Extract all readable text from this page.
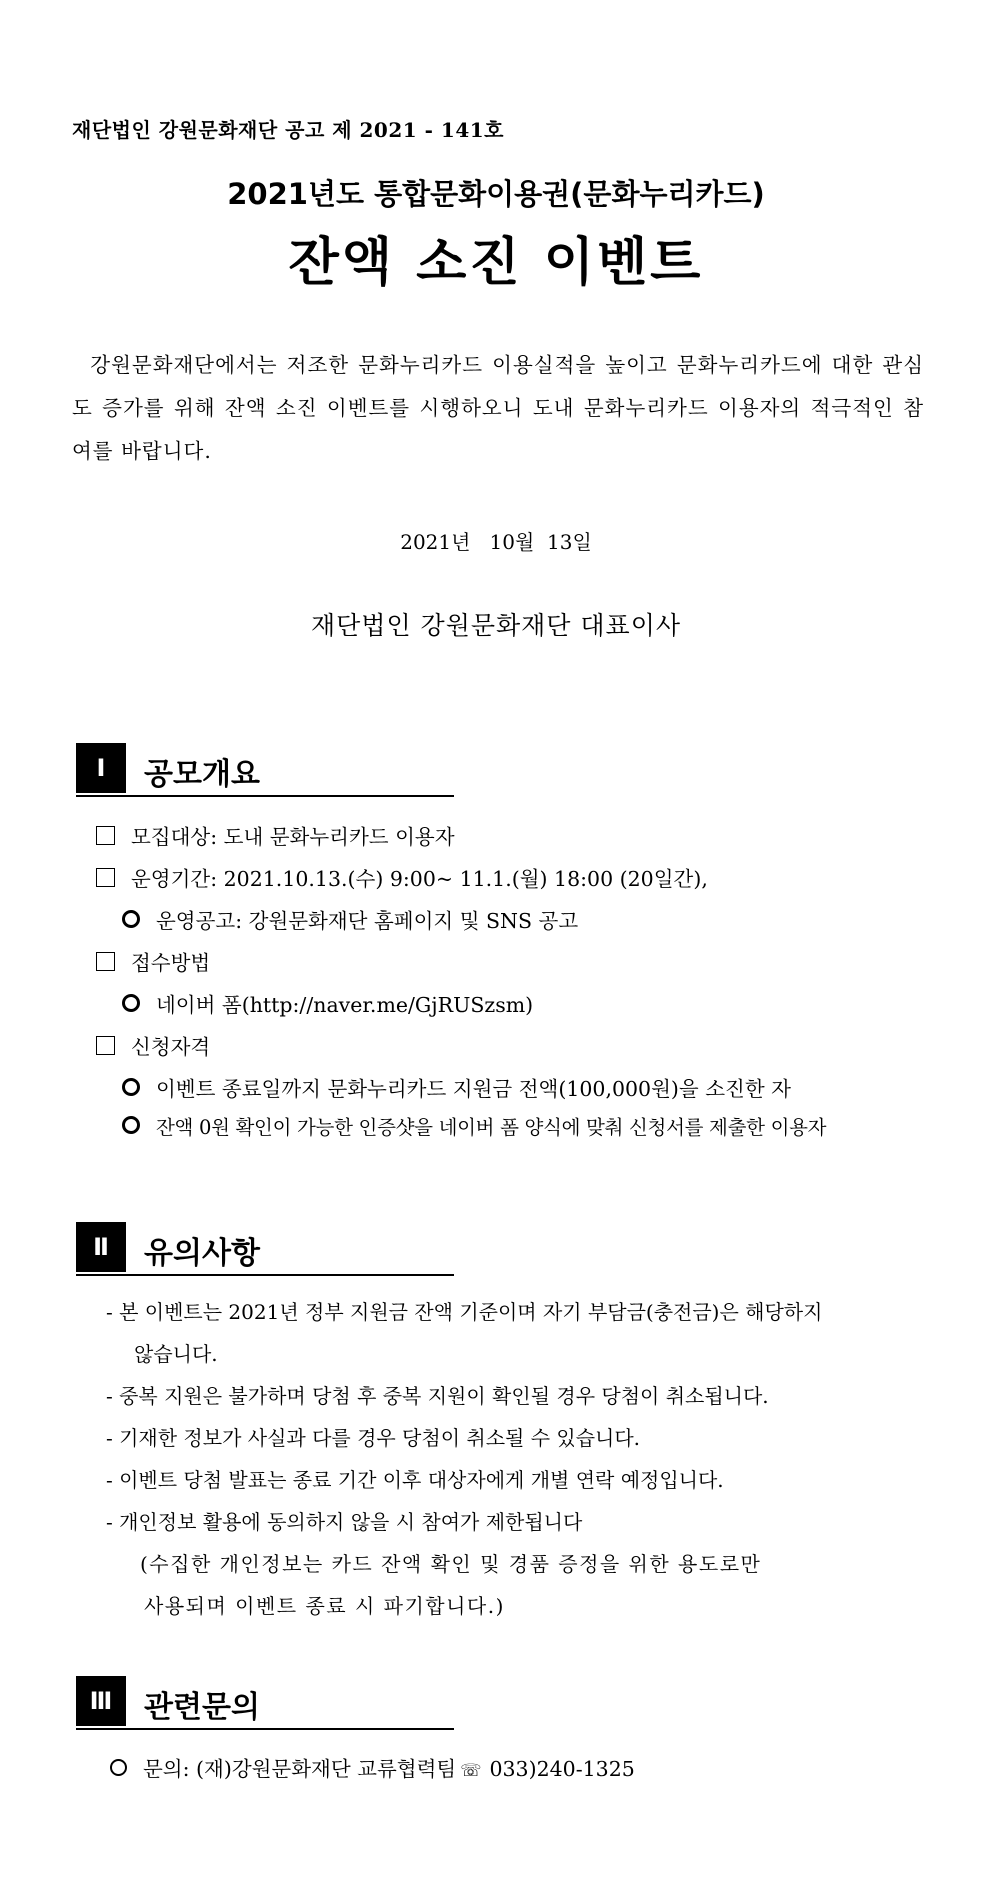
재단법인 강원문화재단 공고 제 2021 - 141호
2021년도 통합문화이용권(문화누리카드)
잔액 소진 이벤트
강원문화재단에서는 저조한 문화누리카드 이용실적을 높이고 문화누리카드에 대한 관심도 증가를 위해 잔액 소진 이벤트를 시행하오니 도내 문화누리카드 이용자의 적극적인 참여를 바랍니다.
2021년   10월  13일
재단법인 강원문화재단 대표이사
Ⅰ	공모개요
모집대상: 도내 문화누리카드 이용자
운영기간: 2021.10.13.(수) 9:00~ 11.1.(월) 18:00 (20일간),
운영공고: 강원문화재단 홈페이지 및 SNS 공고
접수방법
네이버 폼(http://naver.me/GjRUSzsm)
신청자격
이벤트 종료일까지 문화누리카드 지원금 전액(100,000원)을 소진한 자
잔액 0원 확인이 가능한 인증샷을 네이버 폼 양식에 맞춰 신청서를 제출한 이용자
Ⅱ	유의사항
- 본 이벤트는 2021년 정부 지원금 잔액 기준이며 자기 부담금(충전금)은 해당하지
않습니다.
- 중복 지원은 불가하며 당첨 후 중복 지원이 확인될 경우 당첨이 취소됩니다.
- 기재한 정보가 사실과 다를 경우 당첨이 취소될 수 있습니다.
- 이벤트 당첨 발표는 종료 기간 이후 대상자에게 개별 연락 예정입니다.
- 개인정보 활용에 동의하지 않을 시 참여가 제한됩니다
(수집한 개인정보는 카드 잔액 확인 및 경품 증정을 위한 용도로만
사용되며 이벤트 종료 시 파기합니다.)
Ⅲ	관련문의
문의: (재)강원문화재단 교류협력팀 ☏ 033)240-1325
